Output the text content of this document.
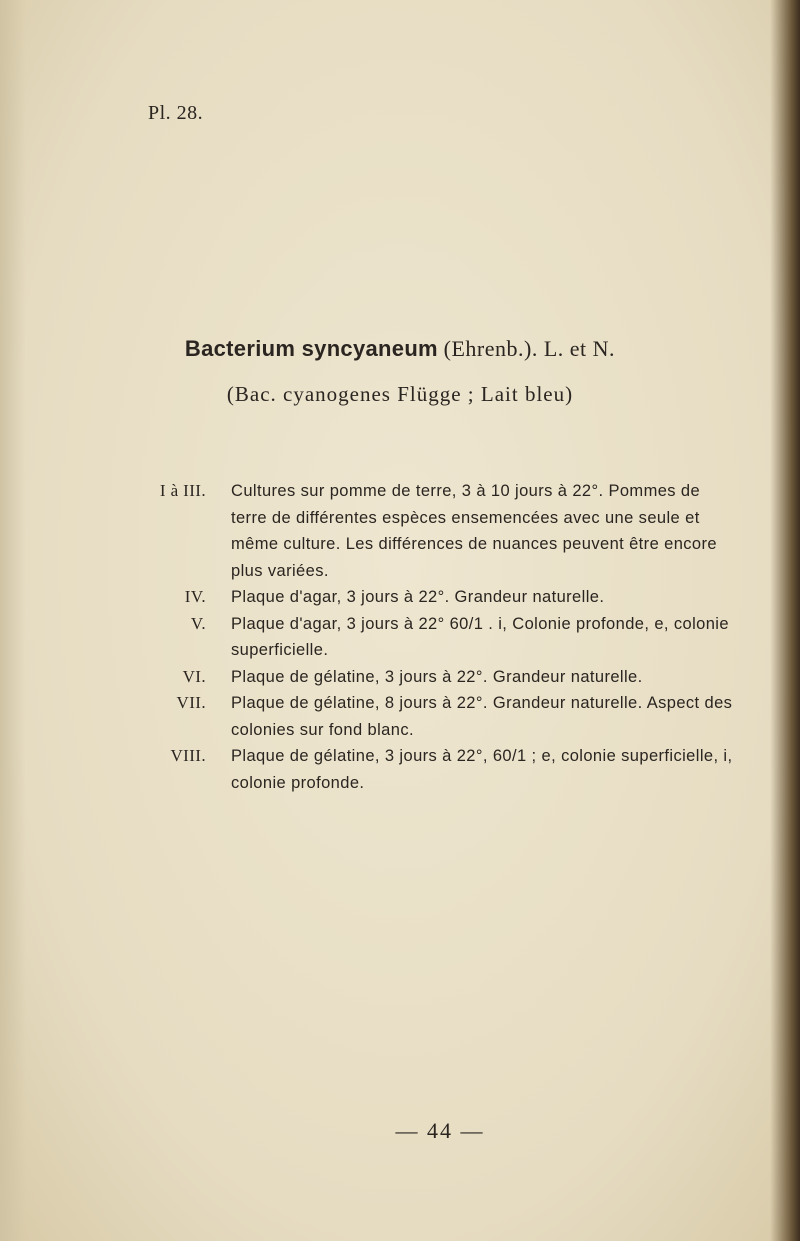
Pl. 28.
Bacterium syncyaneum (Ehrenb.). L. et N.
(Bac. cyanogenes Flügge ; Lait bleu)
I à III. Cultures sur pomme de terre, 3 à 10 jours à 22°. Pommes de terre de différentes espèces ensemencées avec une seule et même culture. Les différences de nuances peuvent être encore plus variées.
IV. Plaque d'agar, 3 jours à 22°. Grandeur naturelle.
V. Plaque d'agar, 3 jours à 22° 60/1 . i, Colonie profonde, e, colonie superficielle.
VI. Plaque de gélatine, 3 jours à 22°. Grandeur naturelle.
VII. Plaque de gélatine, 8 jours à 22°. Grandeur naturelle. Aspect des colonies sur fond blanc.
VIII. Plaque de gélatine, 3 jours à 22°, 60/1 ; e, colonie superficielle, i, colonie profonde.
— 44 —
